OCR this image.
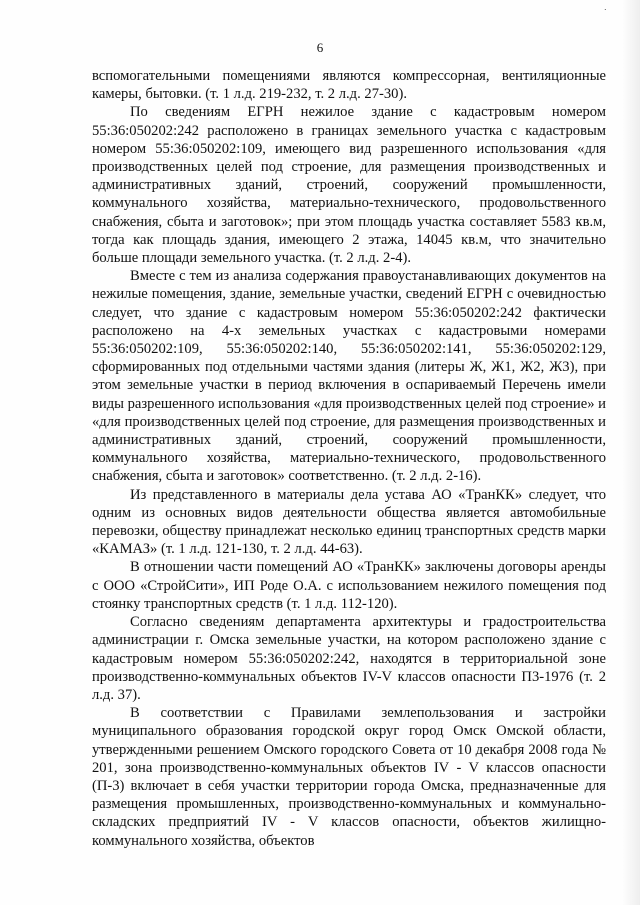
˙
6

вспомогательными помещениями являются компрессорная, вентиляционные камеры, бытовки. (т. 1 л.д. 219-232, т. 2 л.д. 27-30).

По сведениям ЕГРН нежилое здание с кадастровым номером 55:36:050202:242 расположено в границах земельного участка с кадастровым номером 55:36:050202:109, имеющего вид разрешенного использования «для производственных целей под строение, для размещения производственных и административных зданий, строений, сооружений промышленности, коммунального хозяйства, материально-технического, продовольственного снабжения, сбыта и заготовок»; при этом площадь участка составляет 5583 кв.м, тогда как площадь здания, имеющего 2 этажа, 14045 кв.м, что значительно больше площади земельного участка. (т. 2 л.д. 2-4).

Вместе с тем из анализа содержания правоустанавливающих документов на нежилые помещения, здание, земельные участки, сведений ЕГРН с очевидностью следует, что здание с кадастровым номером 55:36:050202:242 фактически расположено на 4-х земельных участках с кадастровыми номерами 55:36:050202:109, 55:36:050202:140, 55:36:050202:141, 55:36:050202:129, сформированных под отдельными частями здания (литеры Ж, Ж1, Ж2, Ж3), при этом земельные участки в период включения в оспариваемый Перечень имели виды разрешенного использования «для производственных целей под строение» и «для производственных целей под строение, для размещения производственных и административных зданий, строений, сооружений промышленности, коммунального хозяйства, материально-технического, продовольственного снабжения, сбыта и заготовок» соответственно. (т. 2 л.д. 2-16).

Из представленного в материалы дела устава АО «ТранКК» следует, что одним из основных видов деятельности общества является автомобильные перевозки, обществу принадлежат несколько единиц транспортных средств марки «КАМАЗ» (т. 1 л.д. 121-130, т. 2 л.д. 44-63).

В отношении части помещений АО «ТранКК» заключены договоры аренды с ООО «СтройСити», ИП Роде О.А. с использованием нежилого помещения под стоянку транспортных средств (т. 1 л.д. 112-120).

Согласно сведениям департамента архитектуры и градостроительства администрации г. Омска земельные участки, на котором расположено здание с кадастровым номером 55:36:050202:242, находятся в территориальной зоне производственно-коммунальных объектов IV-V классов опасности П3-1976 (т. 2 л.д. 37).

В соответствии с Правилами землепользования и застройки муниципального образования городской округ город Омск Омской области, утвержденными решением Омского городского Совета от 10 декабря 2008 года № 201, зона производственно-коммунальных объектов IV - V классов опасности (П-3) включает в себя участки территории города Омска, предназначенные для размещения промышленных, производственно-коммунальных и коммунально-складских предприятий IV - V классов опасности, объектов жилищно-коммунального хозяйства, объектов
